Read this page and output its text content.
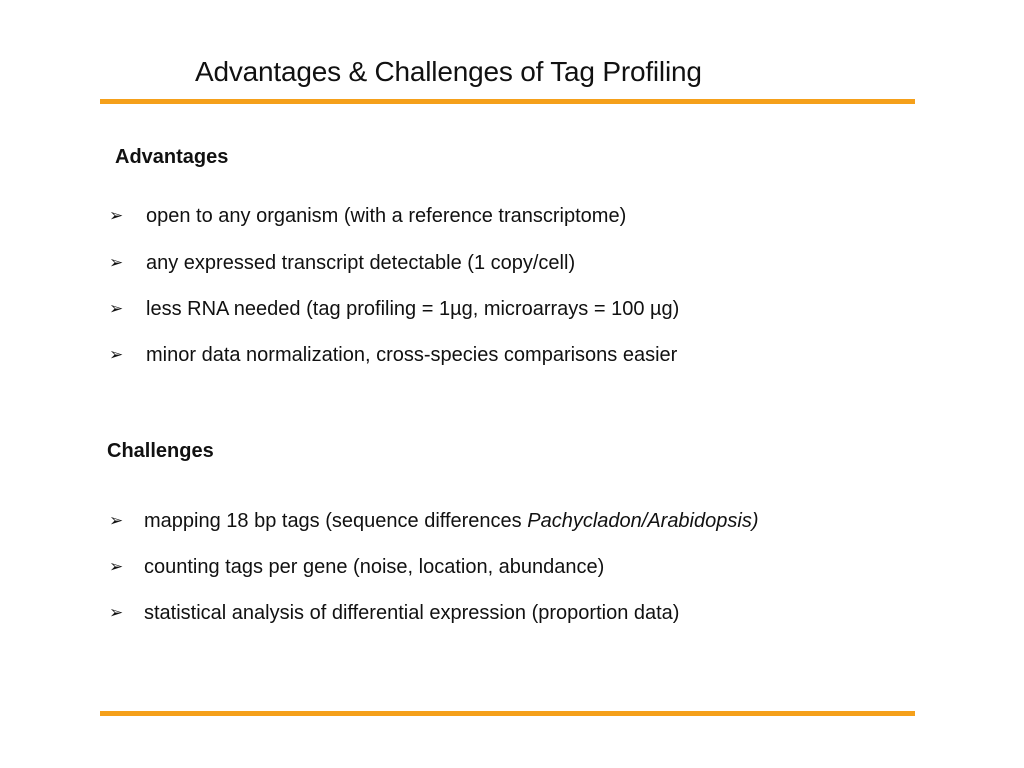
Advantages & Challenges of Tag Profiling
Advantages
➢ open to any organism (with a reference transcriptome)
➢ any expressed transcript detectable (1 copy/cell)
➢ less RNA needed (tag profiling = 1µg, microarrays = 100 µg)
➢ minor data normalization, cross-species comparisons easier
Challenges
➢ mapping 18 bp tags (sequence differences Pachycladon/Arabidopsis)
➢ counting tags per gene (noise, location, abundance)
➢ statistical analysis of differential expression (proportion data)
